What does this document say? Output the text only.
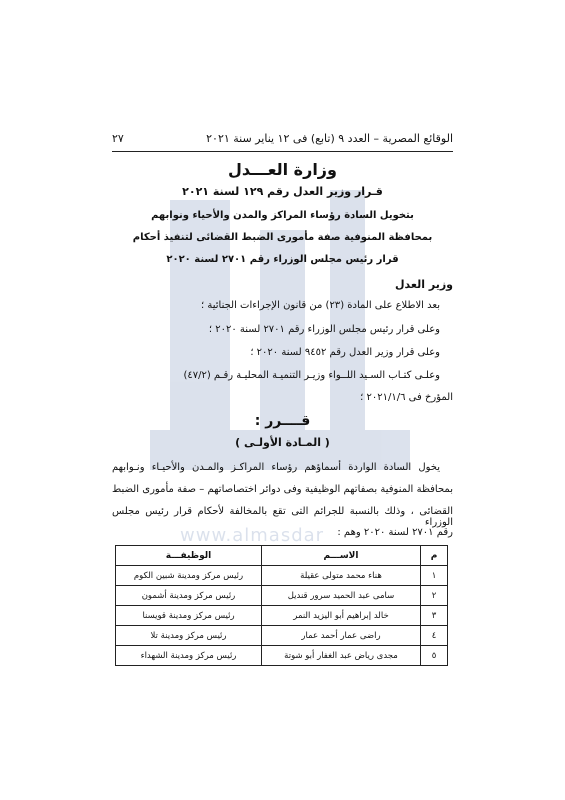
www.almasdar
الوقائع المصرية – العدد ٩ (تابع) فى ١٢ يناير سنة ٢٠٢١
٢٧
وزارة العـــدل
قـرار وزير العدل رقم ١٢٩ لسنة ٢٠٢١
بتخويل السادة رؤساء المراكز والمدن والأحياء ونوابهم
بمحافظة المنوفية صفة مأمورى الضبط القضائى لتنفيذ أحكام
قرار رئيس مجلس الوزراء رقم ٢٧٠١ لسنة ٢٠٢٠
وزير العدل
بعد الاطلاع على المادة (٢٣) من قانون الإجراءات الجنائية ؛
وعلى قرار رئيس مجلس الوزراء رقم ٢٧٠١ لسنة ٢٠٢٠ ؛
وعلى قرار وزير العدل رقم ٩٤٥٢ لسنة ٢٠٢٠ ؛
وعلـى كتـاب السـيد اللــواء وزيـر التنميـة المحليـة رقـم (٤٧/٢)
المؤرخ فى ٢٠٢١/١/٦ ؛
قــــرر :
( المـادة الأولـى )
يخول السادة الواردة أسماؤهم رؤساء المراكـز والمـدن والأحيـاء ونـوابهم
بمحافظة المنوفية بصفاتهم الوظيفية وفى دوائر اختصاصاتهم – صفة مأمورى الضبط
القضائى ، وذلك بالنسبة للجرائم التى تقع بالمخالفة لأحكام قرار رئيس مجلس الوزراء
رقم ٢٧٠١ لسنة ٢٠٢٠ وهم :
م	الاســـم	الوظيفـــة
١	هناء محمد متولى عقيلة	رئيس مركز ومدينة شبين الكوم
٢	سامى عبد الحميد سرور قنديل	رئيس مركز ومدينة أشمون
٣	خالد إبراهيم أبو اليزيد النمر	رئيس مركز ومدينة قويسنا
٤	راضى عمار أحمد عمار	رئيس مركز ومدينة تلا
٥	مجدى رياض عبد الغفار أبو شوتة	رئيس مركز ومدينة الشهداء
